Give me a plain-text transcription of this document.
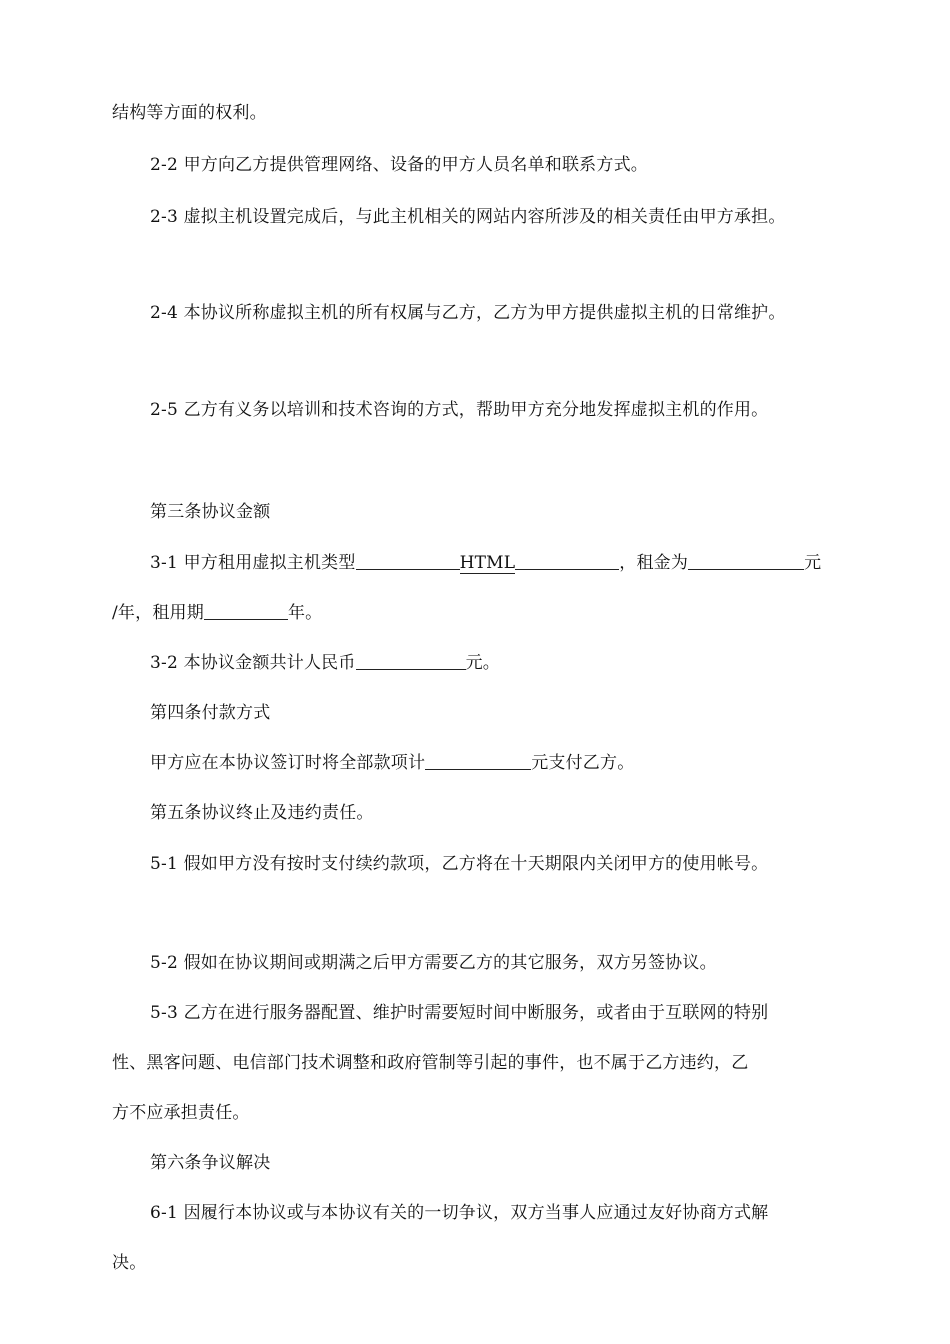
结构等方面的权利。
2-2 甲方向乙方提供管理网络、设备的甲方人员名单和联系方式。
2-3 虚拟主机设置完成后，与此主机相关的网站内容所涉及的相关责任由甲方承担。
2-4 本协议所称虚拟主机的所有权属与乙方，乙方为甲方提供虚拟主机的日常维护。
2-5 乙方有义务以培训和技术咨询的方式，帮助甲方充分地发挥虚拟主机的作用。
第三条协议金额
3-1 甲方租用虚拟主机类型	HTML	，租金为	元
/年，租用期	年。
3-2 本协议金额共计人民币	元。
第四条付款方式
甲方应在本协议签订时将全部款项计	元支付乙方。
第五条协议终止及违约责任。
5-1 假如甲方没有按时支付续约款项，乙方将在十天期限内关闭甲方的使用帐号。
5-2 假如在协议期间或期满之后甲方需要乙方的其它服务，双方另签协议。
5-3 乙方在进行服务器配置、维护时需要短时间中断服务，或者由于互联网的特别
性、黑客问题、电信部门技术调整和政府管制等引起的事件，也不属于乙方违约，乙
方不应承担责任。
第六条争议解决
6-1 因履行本协议或与本协议有关的一切争议，双方当事人应通过友好协商方式解
决。
